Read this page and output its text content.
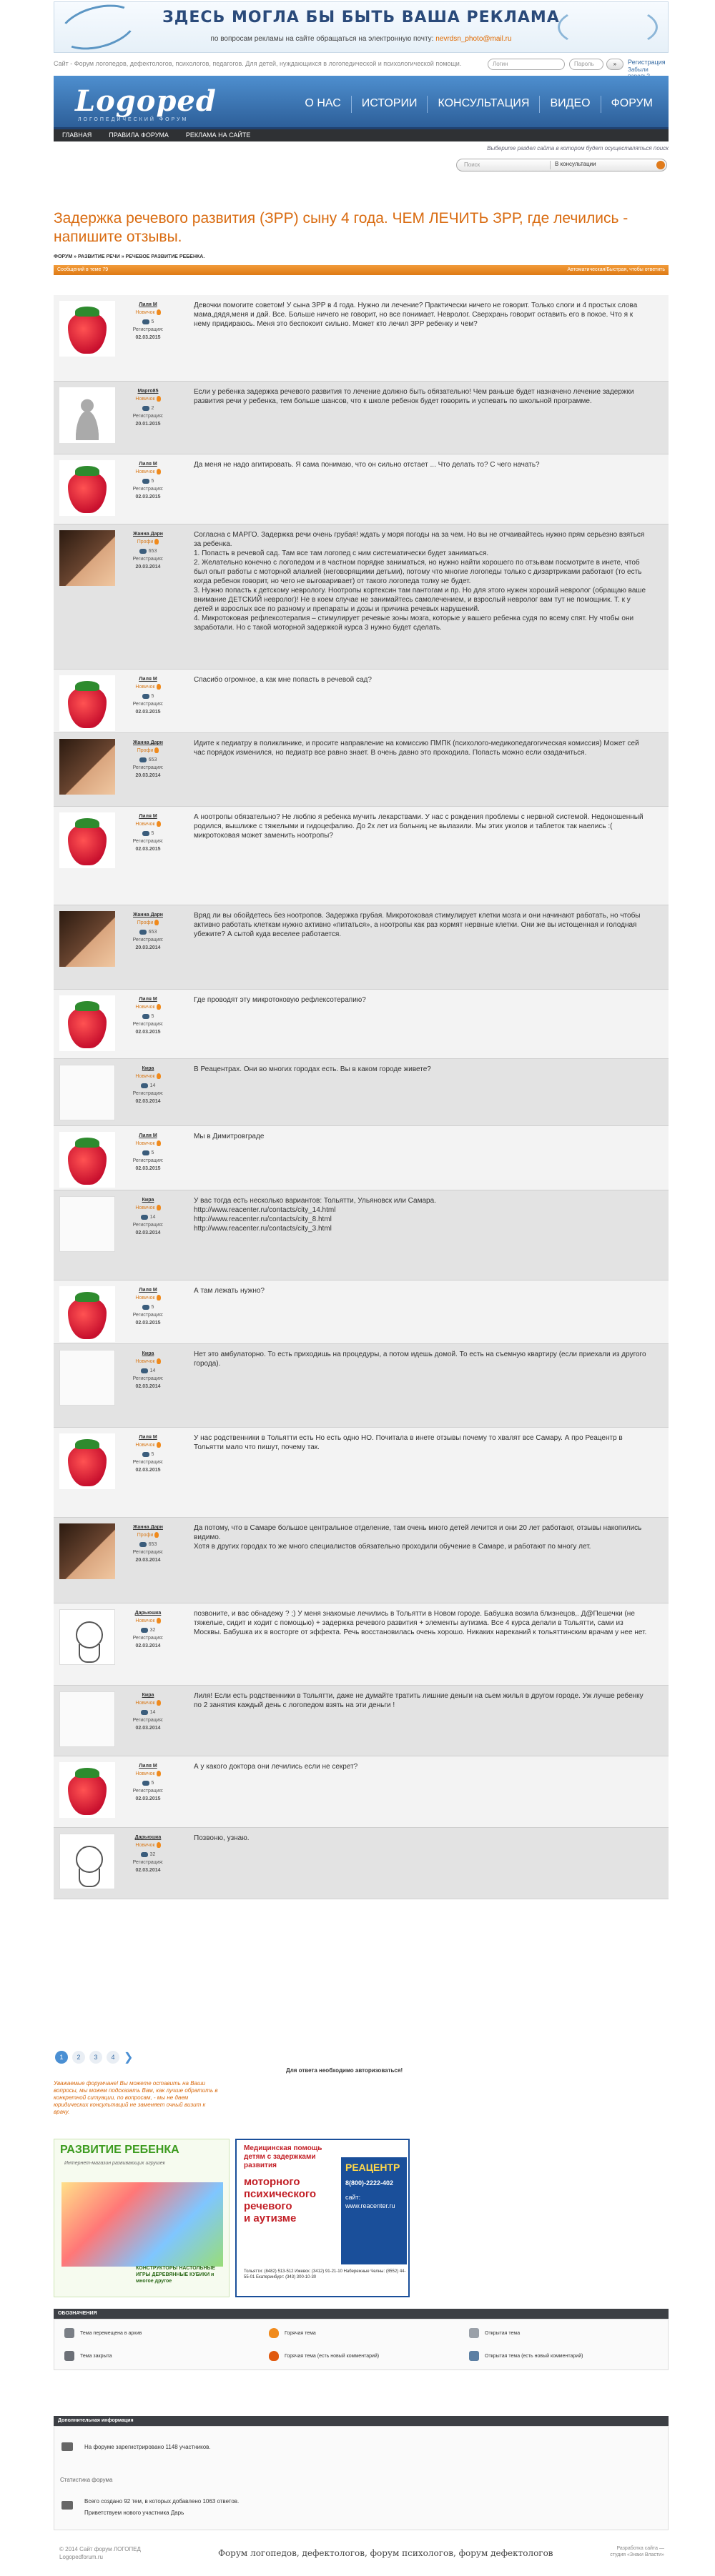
ЗДЕСЬ МОГЛА БЫ БЫТЬ ВАША РЕКЛАМА
по вопросам рекламы на сайте обращаться на электронную почту: nevrdsn_photo@mail.ru
Сайт - Форум логопедов, дефектологов, психологов, педагогов. Для детей, нуждающихся в логопедической и психологической помощи.	Логин	Пароль	»	Регистрация
Забыли
Logoped
ЛОГОПЕДИЧЕСКИЙ ФОРУМ
О НАС	ИСТОРИИ	КОНСУЛЬТАЦИЯ	ВИДЕО	ФОРУМ
ГЛАВНАЯ	ПРАВИЛА ФОРУМА	РЕКЛАМА НА САЙТЕ
Выберите раздел сайта в котором будет осуществляться поиск
Поиск	В консультации
Задержка речевого развития (ЗРР) сыну 4 года. ЧЕМ ЛЕЧИТЬ ЗРР, где лечились - напишите отзывы.
ФОРУМ » РАЗВИТИЕ РЕЧИ » РЕЧЕВОЕ РАЗВИТИЕ РЕБЕНКА.
Сообщений в теме 79	Автоматическая/Быстрая, чтобы ответить
Лиля М
Новичок
5
Регистрация:
02.03.2015
Девочки помогите советом! У сына ЗРР в 4 года. Нужно ли лечение? Практически ничего не говорит. Только слоги и 4 простых слова мама,дядя,меня и дай. Все. Больше ничего не говорит, но все понимает. Невролог. Сверхрань говорит оставить его в покое. Что я к нему придираюсь. Меня это беспокоит сильно. Может кто лечил ЗРР ребенку и чем?
Марго85
Новичок
2
Регистрация:
20.01.2015
Если у ребенка задержка речевого развития то лечение должно быть обязательно! Чем раньше будет назначено лечение задержки развития речи у ребенка, тем больше шансов, что к школе ребенок будет говорить и успевать по школьной программе.
Лиля М
Новичок
5
Регистрация:
02.03.2015
Да меня не надо агитировать. Я сама понимаю, что он сильно отстает ... Что делать то? С чего начать?
Жанна Дарн
Профи
653
Регистрация:
20.03.2014
Согласна с МАРГО. Задержка речи очень грубая! ждать у моря погоды на за чем. Но вы не отчаивайтесь нужно прям серьезно взяться за ребенка.
1. Попасть в речевой сад. Там все там логопед с ним систематически будет заниматься.
2. Желательно конечно с логопедом и в частном порядке заниматься, но нужно найти хорошего по отзывам посмотрите в инете, чтоб был опыт работы с моторной алалией (неговорящими детьми), потому что многие логопеды только с дизартриками работают (то есть когда ребенок говорит, но чего не выговаривает) от такого логопеда толку не будет.
3. Нужно попасть к детскому неврологу. Ноотропы кортексин там пантогам и пр. Но для этого нужен хороший невролог (обращаю ваше внимание ДЕТСКИЙ невролог)! Не в коем случае не занимайтесь самолечением, и взрослый невролог вам тут не помощник. Т. к у детей и взрослых все по разному и препараты и дозы и причина речевых нарушений.
4. Микротоковая рефлексотерапия – стимулирует речевые зоны мозга, которые у вашего ребенка судя по всему спят. Ну чтобы они заработали. Но с такой моторной задержкой курса 3 нужно будет сделать.
Лиля М
Новичок
5
Регистрация:
02.03.2015
Спасибо огромное, а как мне попасть в речевой сад?
Жанна Дарн
Профи
653
Регистрация:
20.03.2014
Идите к педиатру в поликлинике, и просите направление на комиссию ПМПК (психолого-медикопедагогическая комиссия) Может сей час порядок изменился, но педиатр все равно знает. В очень давно это проходила. Попасть можно если озадачиться.
Лиля М
Новичок
5
Регистрация:
02.03.2015
А ноотропы обязательно? Не люблю я ребенка мучить лекарствами. У нас с рождения проблемы с нервной системой. Недоношенный родился, вышлиже с тяжелыми и гидоцефалию. До 2х лет из больниц не вылазили. Мы этих уколов и таблеток так наелись :(
микротоковая может заменить ноотропы?
Жанна Дарн
Профи
653
Регистрация:
20.03.2014
Вряд ли вы обойдетесь без ноотропов. Задержка грубая. Микротоковая стимулирует клетки мозга и они начинают работать, но чтобы активно работать клеткам нужно активно «питаться», а ноотропы как раз кормят нервные клетки. Они же вы истощенная и голодная убежите? А сытой куда веселее работается.
Лиля М
Новичок
5
Регистрация:
02.03.2015
Где проводят эту микротоковую рефлексотерапию?
Кира
Новичок
14
Регистрация:
02.03.2014
В Реацентрах. Они во многих городах есть. Вы в каком городе живете?
Лиля М
Новичок
5
Регистрация:
02.03.2015
Мы в Димитровграде
Кира
Новичок
14
Регистрация:
02.03.2014
У вас тогда есть несколько вариантов: Тольятти, Ульяновск или Самара.
http://www.reacenter.ru/contacts/city_14.html
http://www.reacenter.ru/contacts/city_8.html
http://www.reacenter.ru/contacts/city_3.html
Лиля М
Новичок
5
Регистрация:
02.03.2015
А там лежать нужно?
Кира
Новичок
14
Регистрация:
02.03.2014
Нет это амбулаторно. То есть приходишь на процедуры, а потом идешь домой. То есть на съемную квартиру (если приехали из другого города).
Лиля М
Новичок
5
Регистрация:
02.03.2015
У нас родственники в Тольятти есть Но есть одно НО. Почитала в инете отзывы почему то хвалят все Самару. А про Реацентр в Тольятти мало что пишут, почему так.
Жанна Дарн
Профи
653
Регистрация:
20.03.2014
Да потому, что в Самаре большое центральное отделение, там очень много детей лечится и они 20 лет работают, отзывы накопились видимо.
Хотя в других городах то же много специалистов обязательно проходили обучение в Самаре, и работают по многу лет.
Дарьюшка
Новичок
32
Регистрация:
02.03.2014
позвоните, и вас обнадежу ? ;) У меня знакомые лечились в Тольятти в Новом городе. Бабушка возила близнецов,. Д@Пешечки (не тяжелые, сидит и ходит с помощью) + задержка речевого развития + элементы аутизма. Все 4 курса делали в Тольятти, сами из Москвы. Бабушка их в восторге от эффекта. Речь восстановилась очень хорошо. Никаких нареканий к тольяттинским врачам у нее нет.
Кира
Новичок
14
Регистрация:
02.03.2014
Лиля! Если есть родственники в Тольятти, даже не думайте тратить лишние деньги на сьем жилья в другом городе. Уж лучше ребенку по 2 занятия каждый день с логопедом взять на эти деньги !
Лиля М
Новичок
5
Регистрация:
02.03.2015
А у какого доктора они лечились если не секрет?
Дарьюшка
Новичок
32
Регистрация:
02.03.2014
Позвоню, узнаю.
1	2	3	4 ❯
Для ответа необходимо авторизоваться!
Уважаемые форумчане! Вы можете оставить на Ваши вопросы, мы можем подсказать Вам, как лучше обратить в конкретной ситуации, по вопросам, - мы не даем юридических консультаций не заменяет очный визит к врачу.
РАЗВИТИЕ РЕБЕНКА
Интернет-магазин развивающих игрушек
КОНСТРУКТОРЫ НАСТОЛЬНЫЕ ИГРЫ ДЕРЕВЯННЫЕ КУБИКИ и многое другое
Медицинская помощь детям с задержками развития
моторного
психического
речевого
и аутизме
РЕАЦЕНТР
8(800)-2222-402
сайт: www.reacenter.ru
Тольятти: (8482) 513-512 Ижевск: (3412) 91-21-10 Набережные Челны: (8552) 44-55-01 Екатеринбург: (343) 300-10-30
ОБОЗНАЧЕНИЯ
Тема перемещена в архив	Горячая тема	Открытая тема
Тема закрыта	Горячая тема (есть новый комментарий)	Открытая тема (есть новый комментарий)
Дополнительная информация
На форуме зарегистрировано 1148 участников.
Статистика форума
Всего создано 92 тем, в которых добавлено 1063 ответов.
Приветствуем нового участника Дарь
© 2014 Сайт форум ЛОГОПЕД
Logopedforum.ru	Форум логопедов, дефектологов, форум психологов, форум дефектологов	Разработка сайта —
студия «Знаки Власти»
